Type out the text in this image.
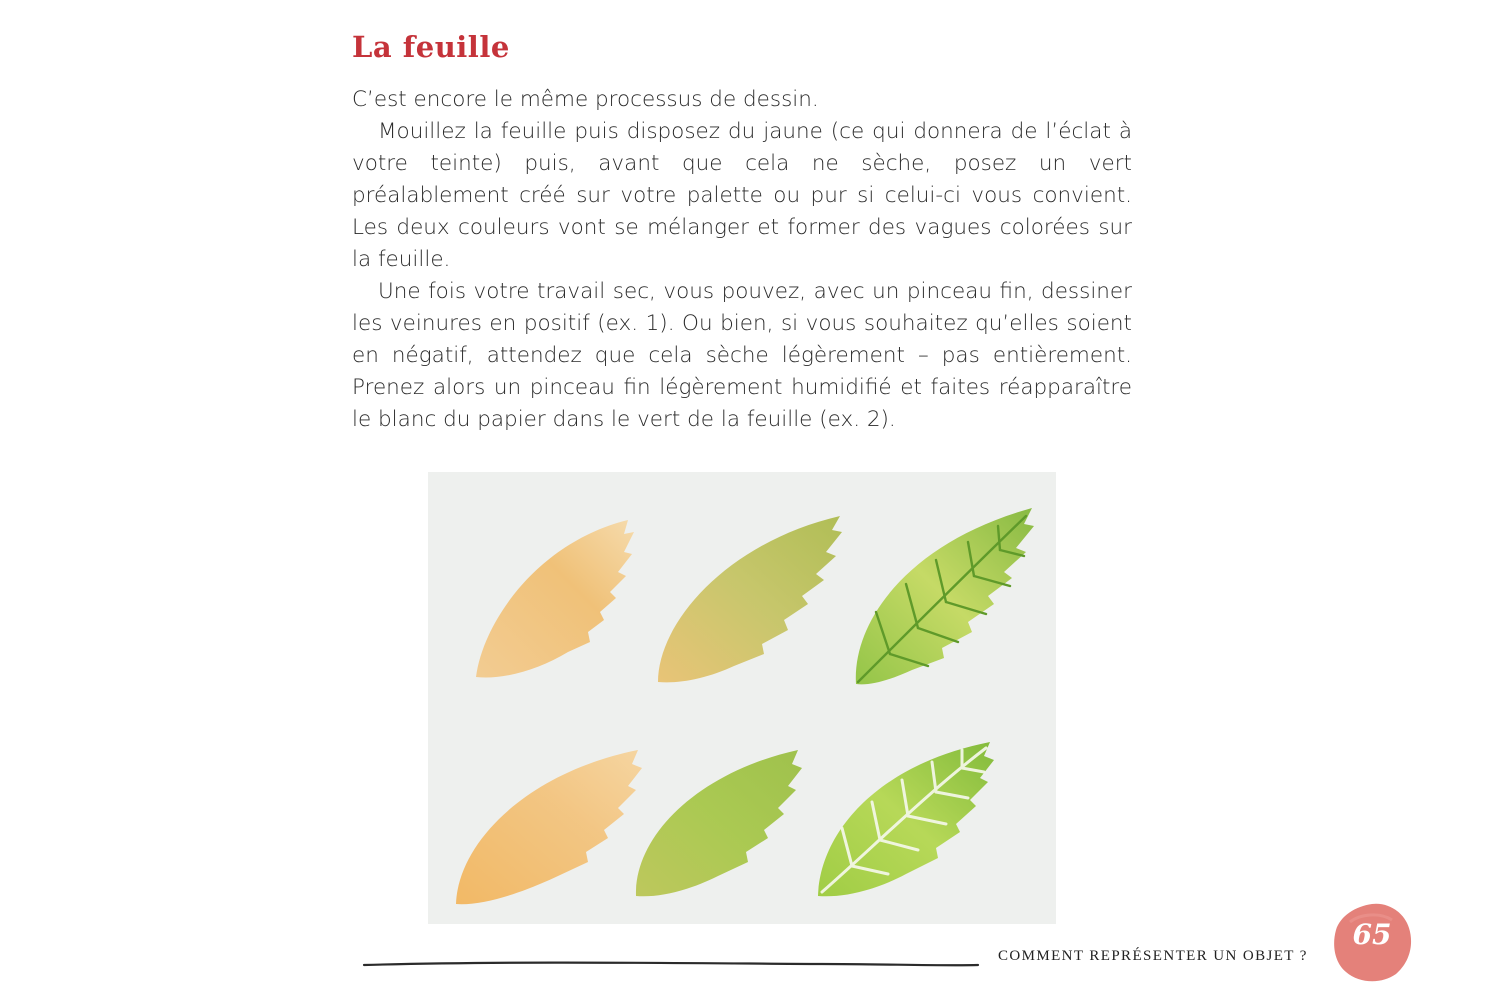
La feuille

C’est encore le même processus de dessin.

Mouillez la feuille puis disposez du jaune (ce qui donnera de l’éclat à votre teinte) puis, avant que cela ne sèche, posez un vert préalablement créé sur votre palette ou pur si celui-ci vous convient. Les deux couleurs vont se mélanger et former des vagues colorées sur la feuille.

Une fois votre travail sec, vous pouvez, avec un pinceau fin, dessiner les veinures en positif (ex. 1). Ou bien, si vous souhaitez qu’elles soient en négatif, attendez que cela sèche légèrement – pas entièrement. Prenez alors un pinceau fin légèrement humidifié et faites réapparaître le blanc du papier dans le vert de la feuille (ex. 2).

COMMENT REPRÉSENTER UN OBJET ?
65
